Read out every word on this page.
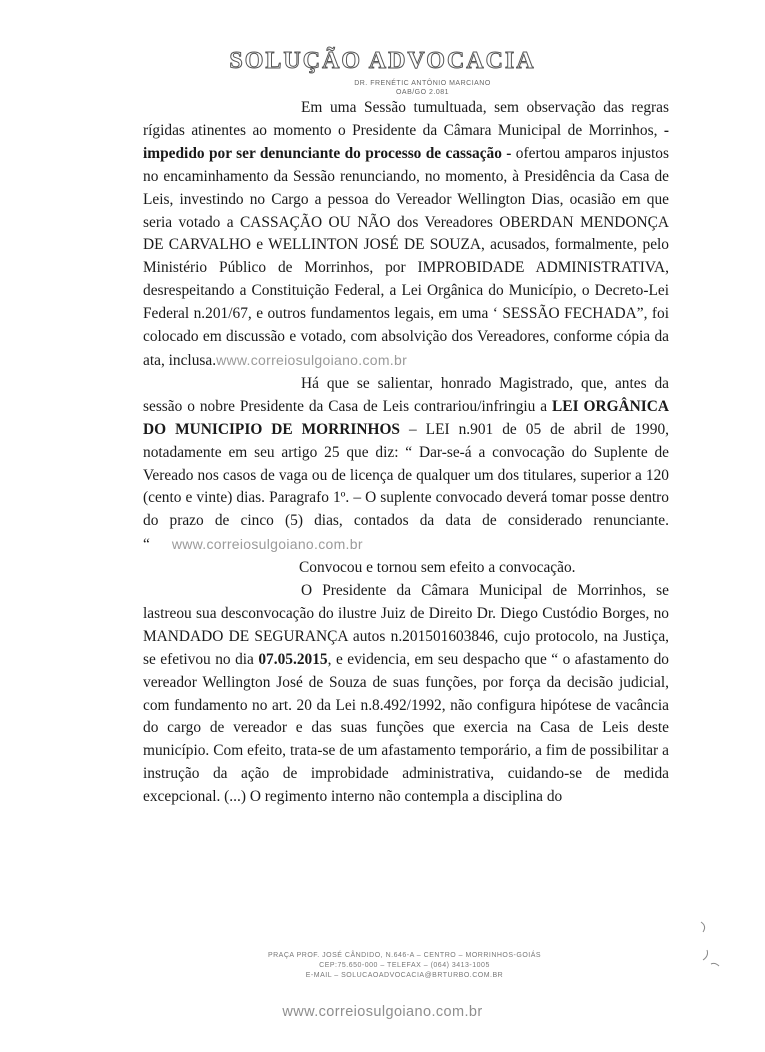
SOLUÇÃO ADVOCACIA
DR. FRENÉTIC ANTÔNIO MARCIANO
OAB/GO 2.081

Em uma Sessão tumultuada, sem observação das regras rígidas atinentes ao momento o Presidente da Câmara Municipal de Morrinhos, - impedido por ser denunciante do processo de cassação - ofertou amparos injustos no encaminhamento da Sessão renunciando, no momento, à Presidência da Casa de Leis, investindo no Cargo a pessoa do Vereador Wellington Dias, ocasião em que seria votado a CASSAÇÃO OU NÃO dos Vereadores OBERDAN MENDONÇA DE CARVALHO e WELLINTON JOSÉ DE SOUZA, acusados, formalmente, pelo Ministério Público de Morrinhos, por IMPROBIDADE ADMINISTRATIVA, desrespeitando a Constituição Federal, a Lei Orgânica do Município, o Decreto-Lei Federal n.201/67, e outros fundamentos legais, em uma ‘ SESSÃO FECHADA”, foi colocado em discussão e votado, com absolvição dos Vereadores, conforme cópia da ata, inclusa.www.correiosulgoiano.com.br

Há que se salientar, honrado Magistrado, que, antes da sessão o nobre Presidente da Casa de Leis contrariou/infringiu a LEI ORGÂNICA DO MUNICIPIO DE MORRINHOS – LEI n.901 de 05 de abril de 1990, notadamente em seu artigo 25 que diz: “ Dar-se-á a convocação do Suplente de Vereado nos casos de vaga ou de licença de qualquer um dos titulares, superior a 120 (cento e vinte) dias. Paragrafo 1º. – O suplente convocado deverá tomar posse dentro do prazo de cinco (5) dias, contados da data de considerado renunciante. “ www.correiosulgoiano.com.br

Convocou e tornou sem efeito a convocação.

O Presidente da Câmara Municipal de Morrinhos, se lastreou sua desconvocação do ilustre Juiz de Direito Dr. Diego Custódio Borges, no MANDADO DE SEGURANÇA autos n.201501603846, cujo protocolo, na Justiça, se efetivou no dia 07.05.2015, e evidencia, em seu despacho que “ o afastamento do vereador Wellington José de Souza de suas funções, por força da decisão judicial, com fundamento no art. 20 da Lei n.8.492/1992, não configura hipótese de vacância do cargo de vereador e das suas funções que exercia na Casa de Leis deste município. Com efeito, trata-se de um afastamento temporário, a fim de possibilitar a instrução da ação de improbidade administrativa, cuidando-se de medida excepcional. (...) O regimento interno não contempla a disciplina do

PRAÇA PROF. JOSÉ CÂNDIDO, N.646-A – CENTRO – MORRINHOS-GOIÁS
CEP:75.650-000 – TELEFAX – (064) 3413-1005
E-MAIL – SOLUCAOADVOCACIA@BRTURBO.COM.BR
www.correiosulgoiano.com.br
